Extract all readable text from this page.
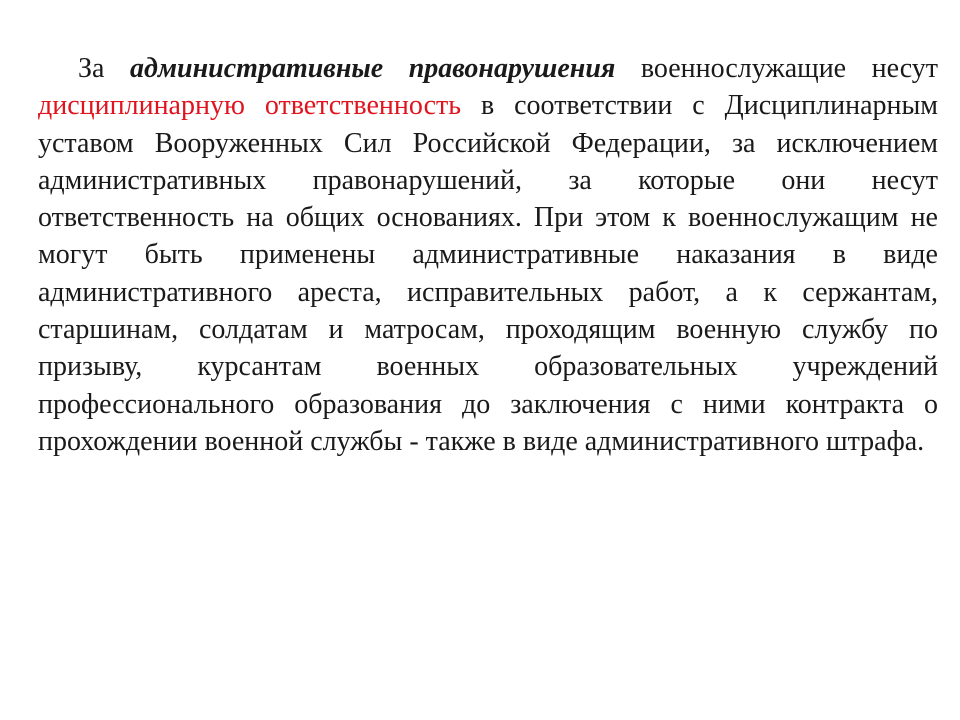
За административные правонарушения военнослужащие несут дисциплинарную ответственность в соответствии с Дисциплинарным уставом Вооруженных Сил Российской Федерации, за исключением административных правонарушений, за которые они несут ответственность на общих основаниях. При этом к военнослужащим не могут быть применены административные наказания в виде административного ареста, исправительных работ, а к сержантам, старшинам, солдатам и матросам, проходящим военную службу по призыву, курсантам военных образовательных учреждений профессионального образования до заключения с ними контракта о прохождении военной службы - также в виде административного штрафа.
